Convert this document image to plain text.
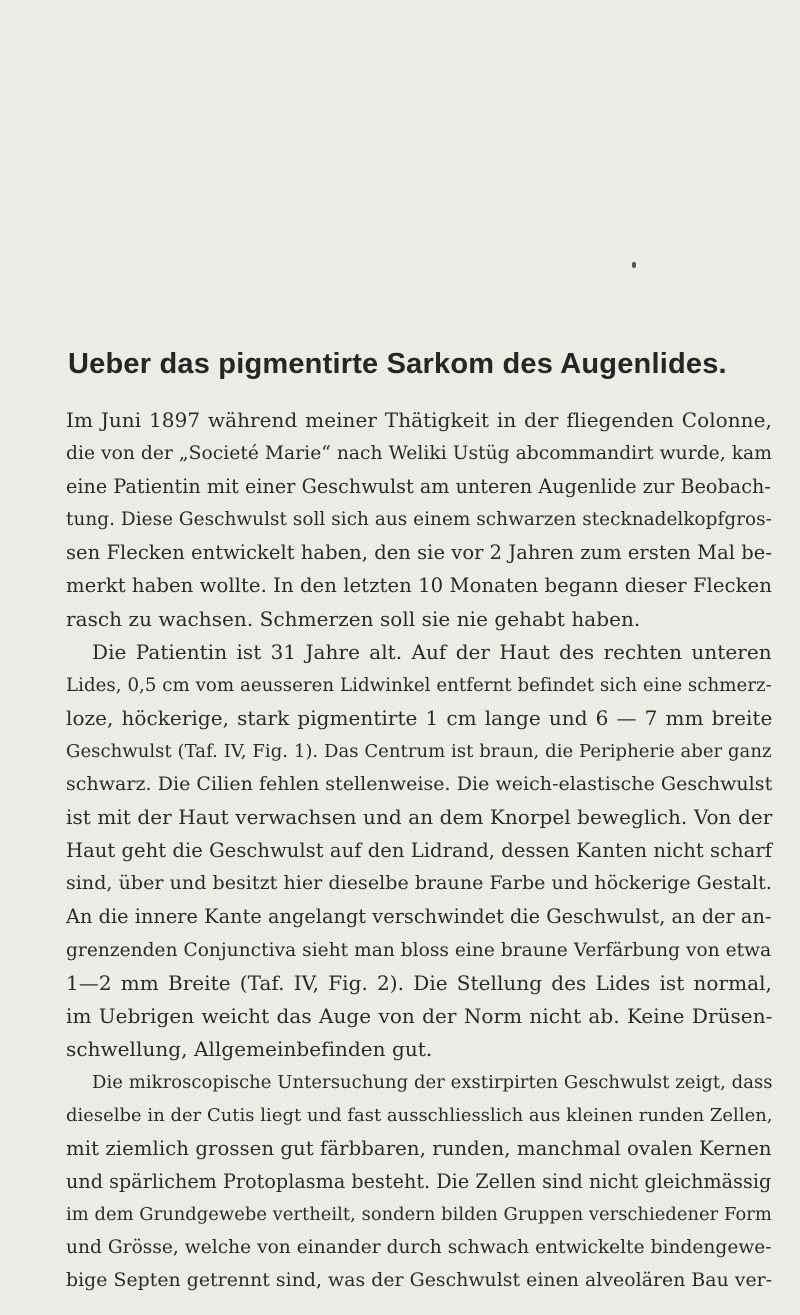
Ueber das pigmentirte Sarkom des Augenlides.
Im Juni 1897 während meiner Thätigkeit in der fliegenden Colonne,
die von der „Societé Marie“ nach Weliki Ustüg abcommandirt wurde, kam
eine Patientin mit einer Geschwulst am unteren Augenlide zur Beobach-
tung. Diese Geschwulst soll sich aus einem schwarzen stecknadelkopfgros-
sen Flecken entwickelt haben, den sie vor 2 Jahren zum ersten Mal be-
merkt haben wollte. In den letzten 10 Monaten begann dieser Flecken
rasch zu wachsen. Schmerzen soll sie nie gehabt haben.
Die Patientin ist 31 Jahre alt. Auf der Haut des rechten unteren
Lides, 0,5 cm vom aeusseren Lidwinkel entfernt befindet sich eine schmerz-
loze, höckerige, stark pigmentirte 1 cm lange und 6 — 7 mm breite
Geschwulst (Taf. IV, Fig. 1). Das Centrum ist braun, die Peripherie aber ganz
schwarz. Die Cilien fehlen stellenweise. Die weich-elastische Geschwulst
ist mit der Haut verwachsen und an dem Knorpel beweglich. Von der
Haut geht die Geschwulst auf den Lidrand, dessen Kanten nicht scharf
sind, über und besitzt hier dieselbe braune Farbe und höckerige Gestalt.
An die innere Kante angelangt verschwindet die Geschwulst, an der an-
grenzenden Conjunctiva sieht man bloss eine braune Verfärbung von etwa
1—2 mm Breite (Taf. IV, Fig. 2). Die Stellung des Lides ist normal,
im Uebrigen weicht das Auge von der Norm nicht ab. Keine Drüsen-
schwellung, Allgemeinbefinden gut.
Die mikroscopische Untersuchung der exstirpirten Geschwulst zeigt, dass
dieselbe in der Cutis liegt und fast ausschliesslich aus kleinen runden Zellen,
mit ziemlich grossen gut färbbaren, runden, manchmal ovalen Kernen
und spärlichem Protoplasma besteht. Die Zellen sind nicht gleichmässig
im dem Grundgewebe vertheilt, sondern bilden Gruppen verschiedener Form
und Grösse, welche von einander durch schwach entwickelte bindengewe-
bige Septen getrennt sind, was der Geschwulst einen alveolären Bau ver-
